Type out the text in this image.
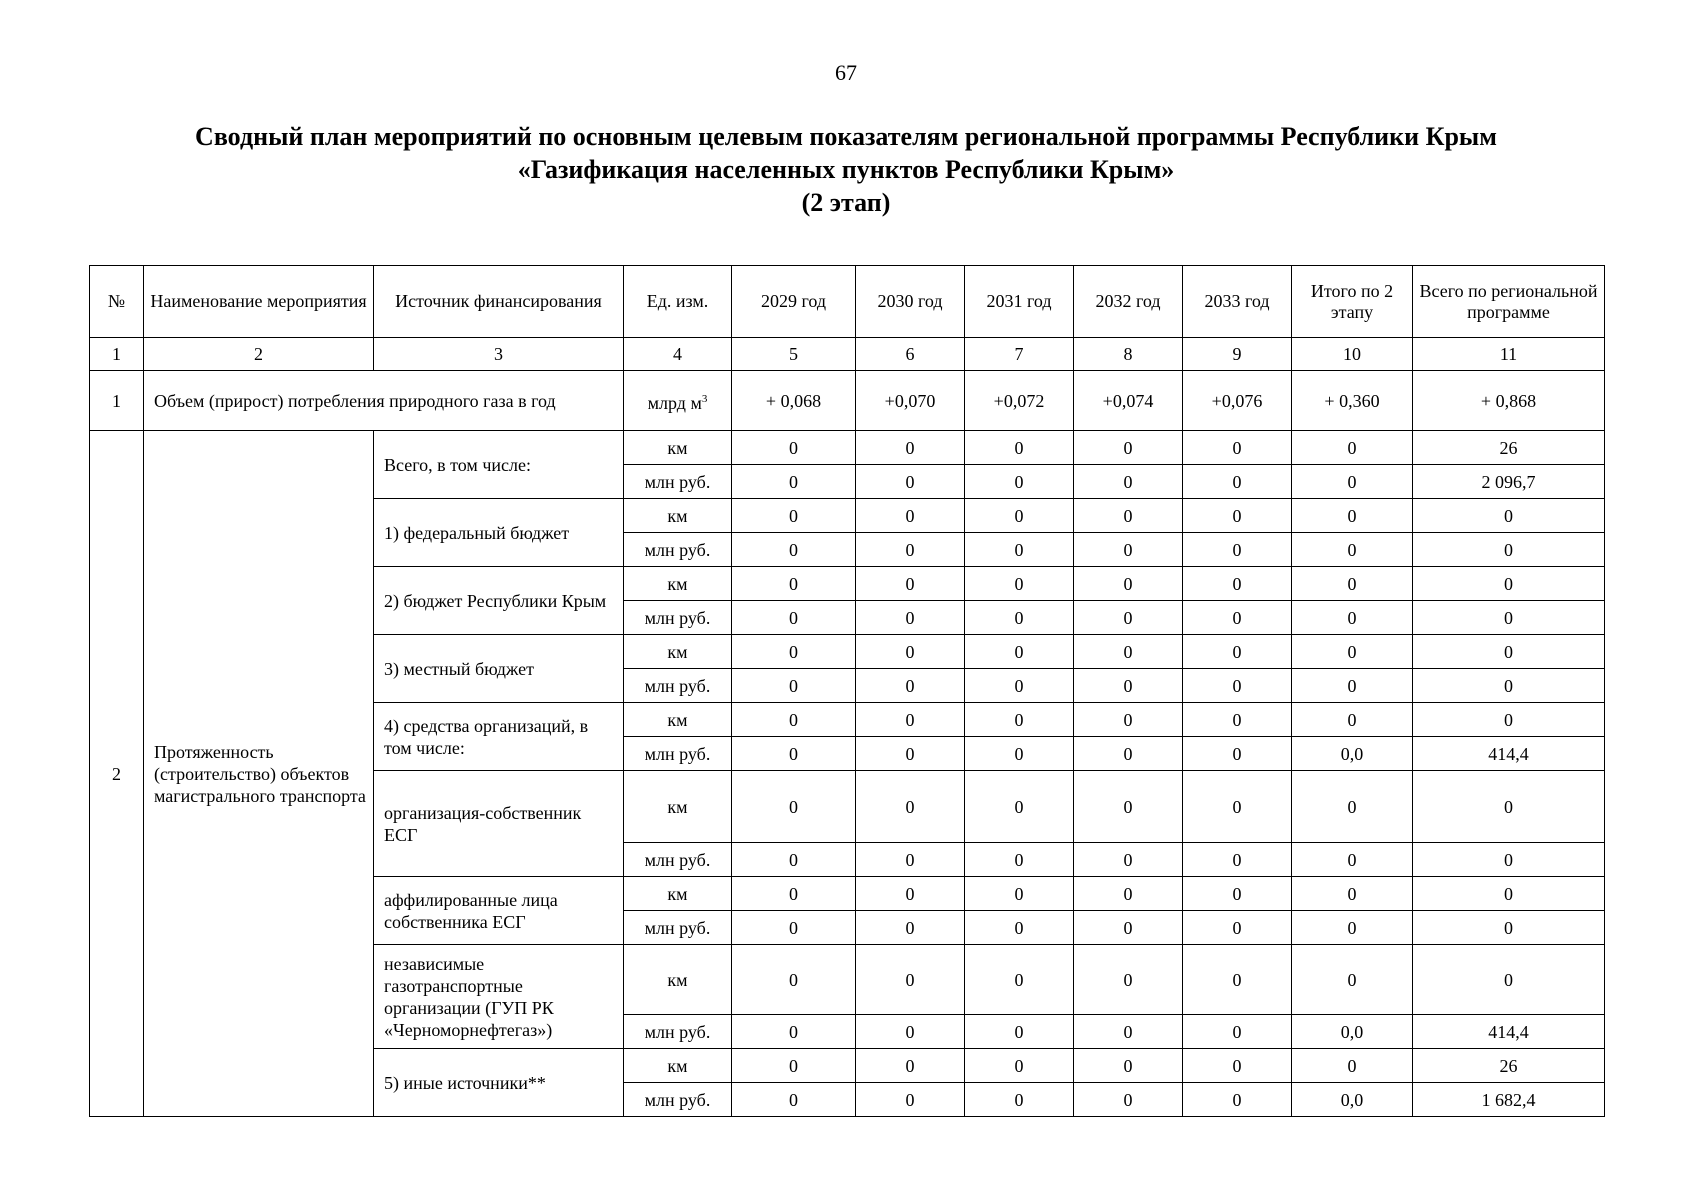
67
Сводный план мероприятий по основным целевым показателям региональной программы Республики Крым
«Газификация населенных пунктов Республики Крым»
(2 этап)
№	Наименование мероприятия	Источник финансирования	Ед. изм.	2029 год	2030 год	2031 год	2032 год	2033 год	Итого по 2 этапу	Всего по региональной программе
1	2	3	4	5	6	7	8	9	10	11
1	Объем (прирост) потребления природного газа в год		млрд $м^3$	+ 0,068	+0,070	+0,072	+0,074	+0,076	+ 0,360	+ 0,868
2	Протяженность (строительство) объектов магистрального транспорта	Всего, в том числе:	км	0	0	0	0	0	0	26
			млн руб.	0	0	0	0	0	0	2 096,7
		1) федеральный бюджет	км	0	0	0	0	0	0	0
			млн руб.	0	0	0	0	0	0	0
		2) бюджет Республики Крым	км	0	0	0	0	0	0	0
			млн руб.	0	0	0	0	0	0	0
		3) местный бюджет	км	0	0	0	0	0	0	0
			млн руб.	0	0	0	0	0	0	0
		4) средства организаций, в том числе:	км	0	0	0	0	0	0	0
			млн руб.	0	0	0	0	0	0,0	414,4
		организация-собственник ЕСГ	км	0	0	0	0	0	0	0
			млн руб.	0	0	0	0	0	0	0
		аффилированные лица собственника ЕСГ	км	0	0	0	0	0	0	0
			млн руб.	0	0	0	0	0	0	0
		независимые газотранспортные организации (ГУП РК «Черноморнефтегаз»)	км	0	0	0	0	0	0	0
			млн руб.	0	0	0	0	0	0,0	414,4
		5) иные источники**	км	0	0	0	0	0	0	26
			млн руб.	0	0	0	0	0	0,0	1 682,4
